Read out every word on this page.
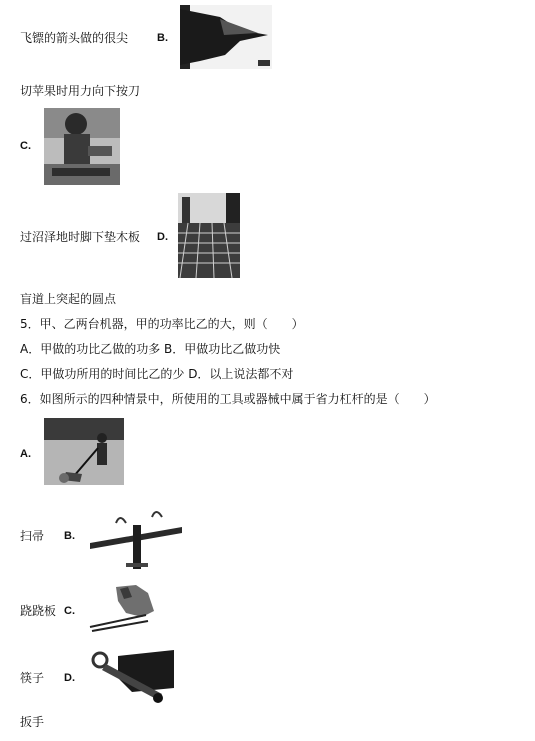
飞镖的箭头做的很尖	B.
切苹果时用力向下按刀
C.
过沼泽地时脚下垫木板 D.
盲道上突起的圆点
5．甲、乙两台机器，甲的功率比乙的大，则（　　）
A．甲做的功比乙做的功多 B．甲做功比乙做功快
C．甲做功所用的时间比乙的少 D．以上说法都不对
6．如图所示的四种情景中，所使用的工具或器械中属于省力杠杆的是（　　）
A.
扫帚 B.
跷跷板 C.
筷子 D.
扳手
